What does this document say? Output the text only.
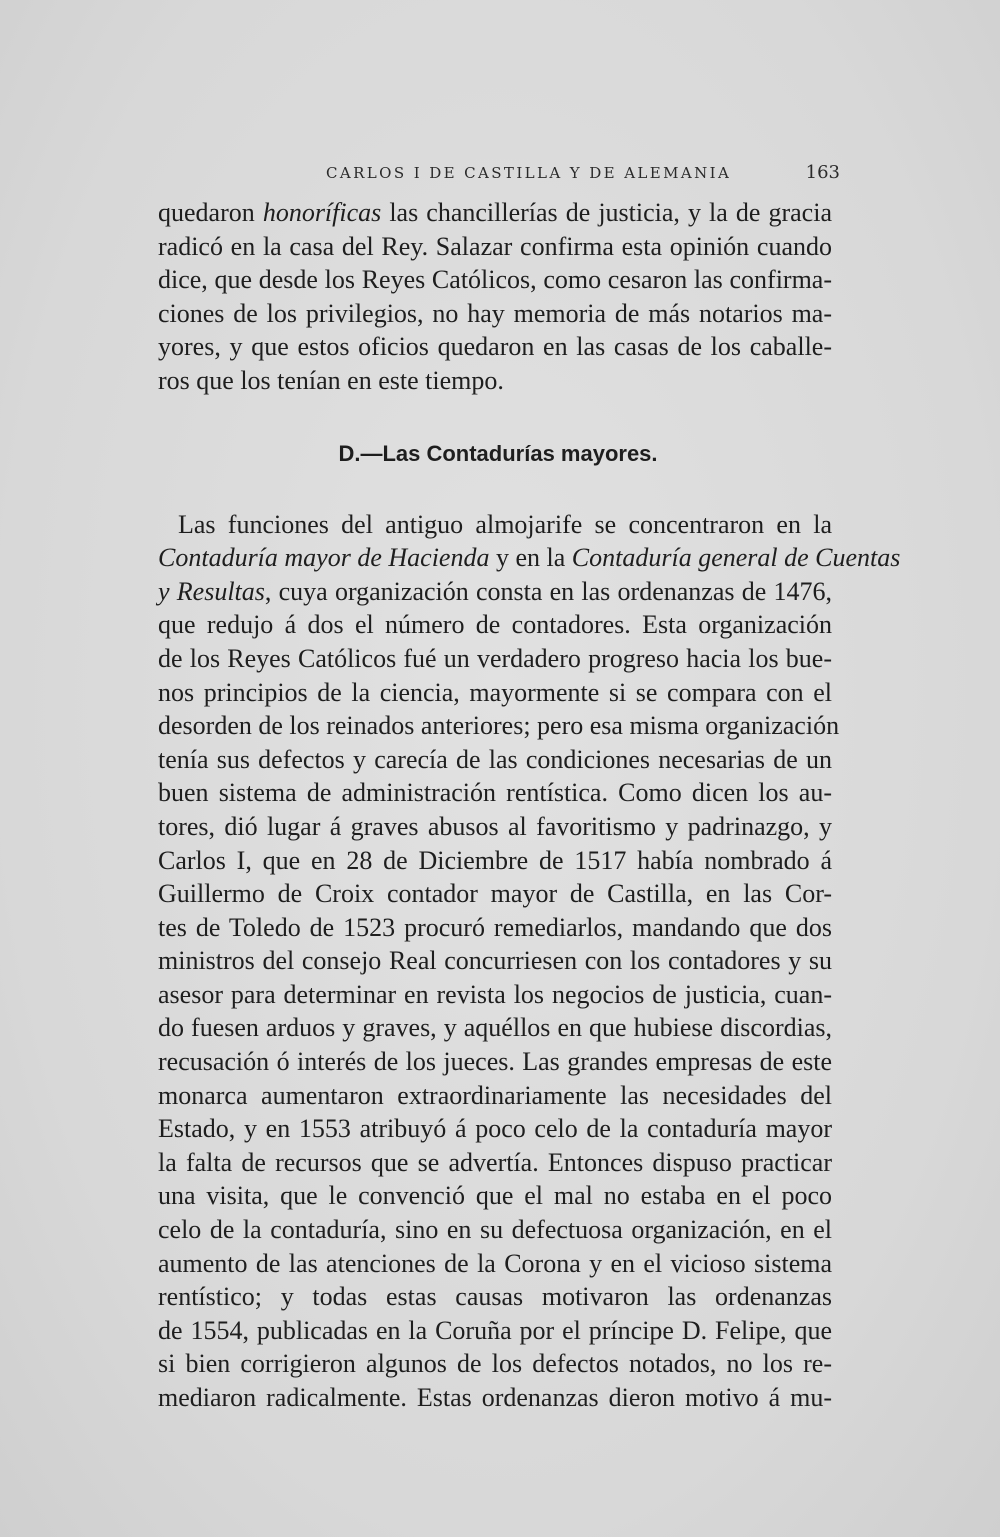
CARLOS I DE CASTILLA Y DE ALEMANIA	163
quedaron honoríficas las chancillerías de justicia, y la de gracia
radicó en la casa del Rey. Salazar confirma esta opinión cuando
dice, que desde los Reyes Católicos, como cesaron las confirma-
ciones de los privilegios, no hay memoria de más notarios ma-
yores, y que estos oficios quedaron en las casas de los caballe-
ros que los tenían en este tiempo.
D.—Las Contadurías mayores.
Las funciones del antiguo almojarife se concentraron en la
Contaduría mayor de Hacienda y en la Contaduría general de Cuentas
y Resultas, cuya organización consta en las ordenanzas de 1476,
que redujo á dos el número de contadores. Esta organización
de los Reyes Católicos fué un verdadero progreso hacia los bue-
nos principios de la ciencia, mayormente si se compara con el
desorden de los reinados anteriores; pero esa misma organización
tenía sus defectos y carecía de las condiciones necesarias de un
buen sistema de administración rentística. Como dicen los au-
tores, dió lugar á graves abusos al favoritismo y padrinazgo, y
Carlos I, que en 28 de Diciembre de 1517 había nombrado á
Guillermo de Croix contador mayor de Castilla, en las Cor-
tes de Toledo de 1523 procuró remediarlos, mandando que dos
ministros del consejo Real concurriesen con los contadores y su
asesor para determinar en revista los negocios de justicia, cuan-
do fuesen arduos y graves, y aquéllos en que hubiese discordias,
recusación ó interés de los jueces. Las grandes empresas de este
monarca aumentaron extraordinariamente las necesidades del
Estado, y en 1553 atribuyó á poco celo de la contaduría mayor
la falta de recursos que se advertía. Entonces dispuso practicar
una visita, que le convenció que el mal no estaba en el poco
celo de la contaduría, sino en su defectuosa organización, en el
aumento de las atenciones de la Corona y en el vicioso sistema
rentístico; y todas estas causas motivaron las ordenanzas
de 1554, publicadas en la Coruña por el príncipe D. Felipe, que
si bien corrigieron algunos de los defectos notados, no los re-
mediaron radicalmente. Estas ordenanzas dieron motivo á mu-
